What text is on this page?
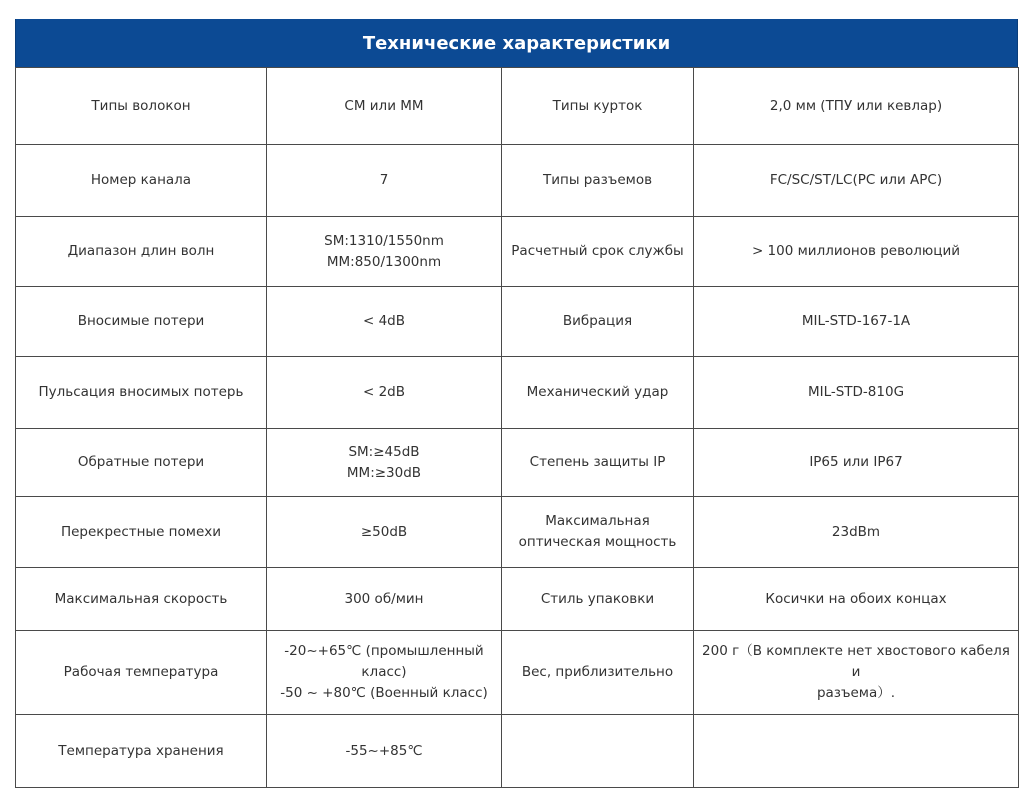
Технические характеристики
Типы волокон	СМ или ММ	Типы курток	2,0 мм (ТПУ или кевлар)

Номер канала	7	Типы разъемов	FC/SC/ST/LC(PC или APC)

Диапазон длин волн	SM:1310/1550nm
MM:850/1300nm	Расчетный срок службы	> 100 миллионов революций

Вносимые потери	< 4dB	Вибрация	MIL-STD-167-1A

Пульсация вносимых потерь	< 2dB	Механический удар	MIL-STD-810G

Обратные потери	SM:≥45dB
MM:≥30dB	Степень защиты IP	IP65 или IP67

Перекрестные помехи	≥50dB	Максимальная
оптическая мощность	23dBm

Максимальная скорость	300 об/мин	Стиль упаковки	Косички на обоих концах

Рабочая температура	-20~+65℃ (промышленный
класс)
-50 ~ +80℃ (Военный класс)	Вес, приблизительно	200 г（В комплекте нет хвостового кабеля и
разъема）.

Температура хранения	-55~+85℃		
